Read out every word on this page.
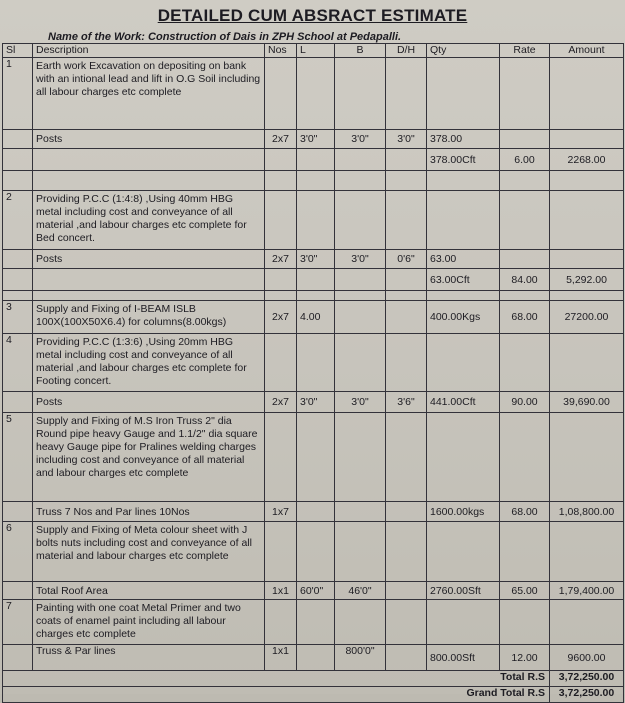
DETAILED CUM ABSRACT ESTIMATE
Name of the Work: Construction of Dais in ZPH School at Pedapalli.
Sl	Description	Nos	L	B	D/H	Qty	Rate	Amount
1	Earth work Excavation on depositing on bank with an intional lead and lift in O.G Soil including all labour charges etc complete							
	Posts	2x7	3'0"	3'0"	3'0"	378.00		
						378.00Cft	6.00	2268.00

2	Providing P.C.C (1:4:8) ,Using 40mm HBG metal including cost and conveyance of all material ,and labour charges etc complete for Bed concert.							
	Posts	2x7	3'0"	3'0"	0'6"	63.00		
						63.00Cft	84.00	5,292.00

3	Supply and Fixing of I-BEAM ISLB 100X(100X50X6.4) for columns(8.00kgs)	2x7	4.00			400.00Kgs	68.00	27200.00
4	Providing P.C.C (1:3:6) ,Using 20mm HBG metal including cost and conveyance of all material ,and labour charges etc complete for Footing concert.							
	Posts	2x7	3'0"	3'0"	3'6"	441.00Cft	90.00	39,690.00
5	Supply and Fixing of M.S Iron Truss 2" dia Round pipe heavy Gauge and 1.1/2" dia square heavy Gauge pipe for Pralines welding charges including cost and conveyance of all material and labour charges etc complete							
	Truss 7 Nos and Par lines 10Nos	1x7				1600.00kgs	68.00	1,08,800.00
6	Supply and Fixing of Meta colour sheet with J bolts nuts including cost and conveyance of all material and labour charges etc complete							
	Total Roof Area	1x1	60'0"	46'0"		2760.00Sft	65.00	1,79,400.00
7	Painting with one coat Metal Primer and two coats of enamel paint including all labour charges etc complete							
	Truss & Par lines	1x1		800'0"		800.00Sft	12.00	9600.00
Total R.S								3,72,250.00
Grand Total R.S								3,72,250.00
